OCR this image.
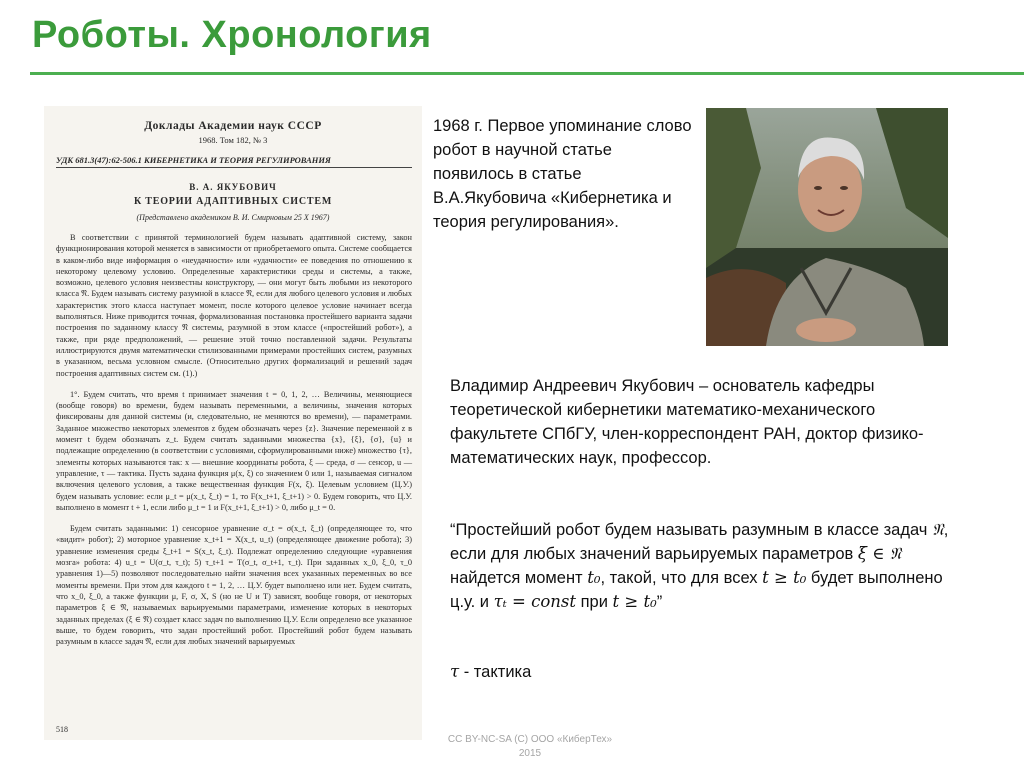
Роботы. Хронология
Доклады Академии наук СССР
1968. Том 182, № 3
УДК 681.3(47):62-506.1 КИБЕРНЕТИКА И ТЕОРИЯ РЕГУЛИРОВАНИЯ
В. А. ЯКУБОВИЧ
К ТЕОРИИ АДАПТИВНЫХ СИСТЕМ
(Представлено академиком В. И. Смирновым 25 X 1967)
В соответствии с принятой терминологией будем называть адаптивной систему, закон функционирования которой меняется в зависимости от приобретаемого опыта. Системе сообщается в каком-либо виде информация о «неудачности» или «удачности» ее поведения по отношению к некоторому целевому условию. Определенные характеристики среды и системы, а также, возможно, целевого условия неизвестны конструктору, — они могут быть любыми из некоторого класса 𝔑. Будем называть систему разумной в классе 𝔑, если для любого целевого условия и любых характеристик этого класса наступает момент, после которого целевое условие начинает всегда выполняться. Ниже приводится точная, формализованная постановка простейшего варианта задачи построения по заданному классу 𝔑 системы, разумной в этом классе («простейший робот»), а также, при ряде предположений, — решение этой точно поставленной задачи. Результаты иллюстрируются двумя математически стилизованными примерами простейших систем, разумных в указанном, весьма условном смысле. (Относительно других формализаций и решений задач построения адаптивных систем см. (1).)
1°. Будем считать, что время t принимает значения t = 0, 1, 2, … Величины, меняющиеся (вообще говоря) во времени, будем называть переменными, а величины, значения которых фиксированы для данной системы (и, следовательно, не меняются во времени), — параметрами. Заданное множество некоторых элементов z будем обозначать через {z}. Значение переменной z в момент t будем обозначать z_t. Будем считать заданными множества {x}, {ξ}, {σ}, {u} и подлежащие определению (в соответствии с условиями, сформулированными ниже) множество {τ}, элементы которых называются так: x — внешние координаты робота, ξ — среда, σ — сенсор, u — управление, τ — тактика. Пусть задана функция μ(x, ξ) со значением 0 или 1, называемая сигналом включения целевого условия, а также вещественная функция F(x, ξ). Целевым условием (Ц.У.) будем называть условие: если μ_t = μ(x_t, ξ_t) = 1, то F(x_t+1, ξ_t+1) > 0. Будем говорить, что Ц.У. выполнено в момент t + 1, если либо μ_t = 1 и F(x_t+1, ξ_t+1) > 0, либо μ_t = 0.
Будем считать заданными: 1) сенсорное уравнение σ_t = σ(x_t, ξ_t) (определяющее то, что «видит» робот); 2) моторное уравнение x_t+1 = X(x_t, u_t) (определяющее движение робота); 3) уравнение изменения среды ξ_t+1 = S(x_t, ξ_t). Подлежат определению следующие «уравнения мозга» робота: 4) u_t = U(σ_t, τ_t); 5) τ_t+1 = T(σ_t, σ_t+1, τ_t). При заданных x_0, ξ_0, τ_0 уравнения 1)—5) позволяют последовательно найти значения всех указанных переменных во все моменты времени. При этом для каждого t = 1, 2, … Ц.У. будет выполнено или нет. Будем считать, что x_0, ξ_0, а также функции μ, F, σ, X, S (но не U и T) зависят, вообще говоря, от некоторых параметров ξ ∈ 𝔑, называемых варьируемыми параметрами, изменение которых в некоторых заданных пределах (ξ ∈ 𝔑) создает класс задач по выполнению Ц.У. Если определено все указанное выше, то будем говорить, что задан простейший робот. Простейший робот будем называть разумным в классе задач 𝔑, если для любых значений варьируемых
518
1968 г. Первое упоминание слово робот в научной статье появилось в статье В.А.Якубовича «Кибернетика и теория регулирования».
Владимир Андреевич Якубович – основатель кафедры теоретической кибернетики математико-механического факультете СПбГУ, член-корреспондент РАН, доктор физико-математических наук, профессор.
“Простейший робот будем называть разумным в классе задач 𝔑, если для любых значений варьируемых параметров ξ ∈ 𝔑 найдется момент t₀, такой, что для всех t ≥ t₀ будет выполнено ц.у. и τₜ = const при t ≥ t₀”
τ - тактика
CC BY-NC-SA (C) ООО «КиберТех»
2015
